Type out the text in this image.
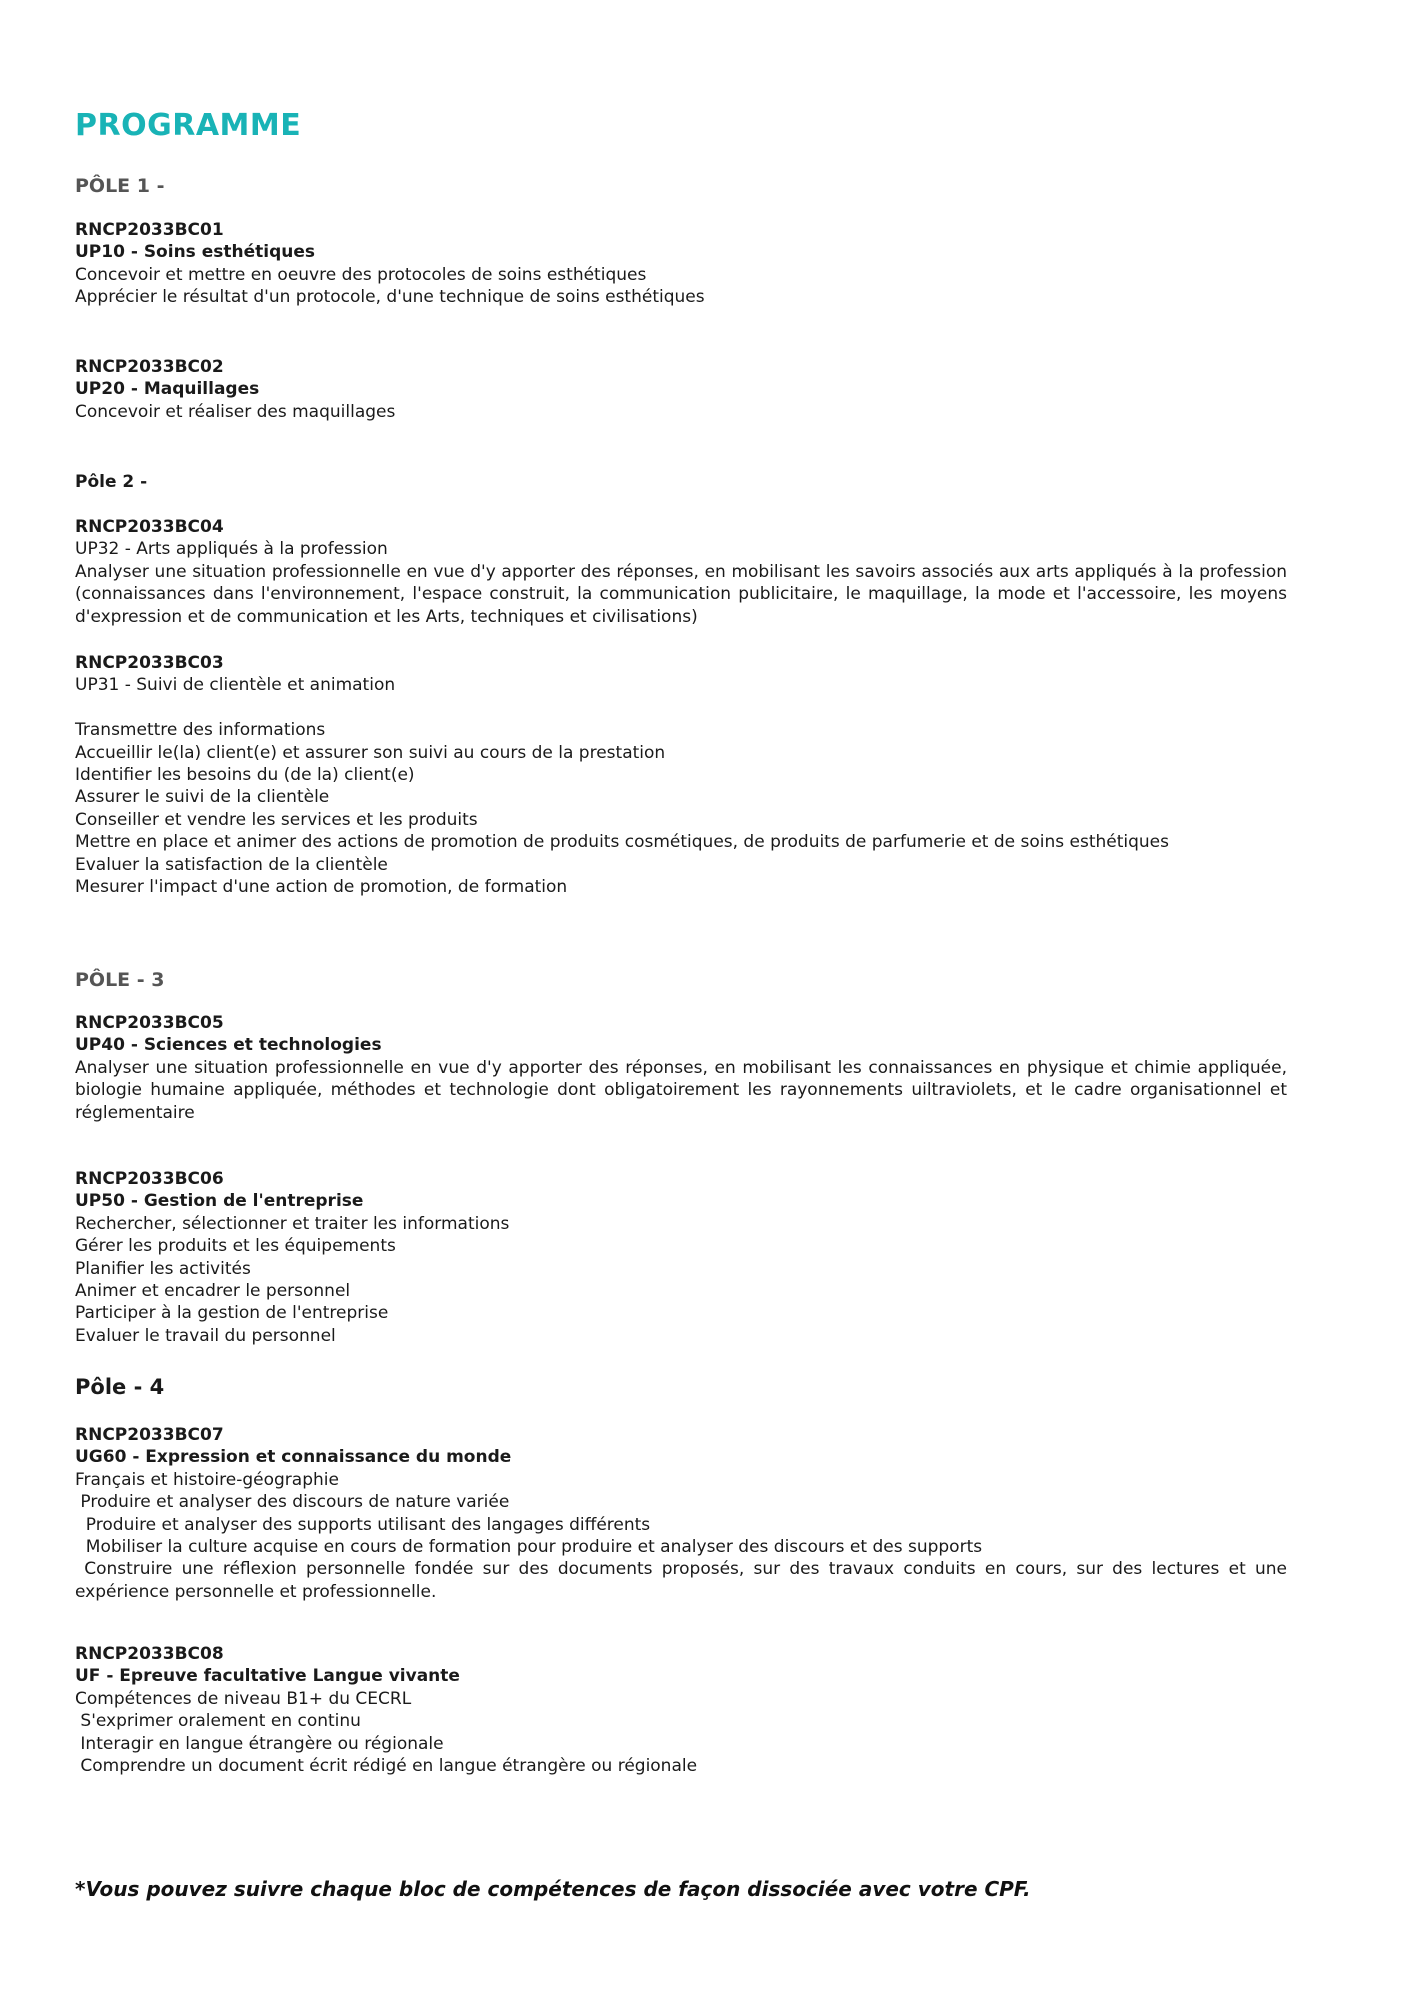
PROGRAMME
PÔLE 1 -
RNCP2033BC01
UP10 - Soins esthétiques
Concevoir et mettre en oeuvre des protocoles de soins esthétiques
Apprécier le résultat d'un protocole, d'une technique de soins esthétiques
RNCP2033BC02
UP20 - Maquillages
Concevoir et réaliser des maquillages
Pôle 2 -
RNCP2033BC04
UP32 - Arts appliqués à la profession
Analyser une situation professionnelle en vue d'y apporter des réponses, en mobilisant les savoirs associés aux arts appliqués à la profession (connaissances dans l'environnement, l'espace construit, la communication publicitaire, le maquillage, la mode et l'accessoire, les moyens d'expression et de communication et les Arts, techniques et civilisations)
RNCP2033BC03
UP31 - Suivi de clientèle et animation
Transmettre des informations
Accueillir le(la) client(e) et assurer son suivi au cours de la prestation
Identifier les besoins du (de la) client(e)
Assurer le suivi de la clientèle
Conseiller et vendre les services et les produits
Mettre en place et animer des actions de promotion de produits cosmétiques, de produits de parfumerie et de soins esthétiques
Evaluer la satisfaction de la clientèle
Mesurer l'impact d'une action de promotion, de formation
PÔLE - 3
RNCP2033BC05
UP40 - Sciences et technologies
Analyser une situation professionnelle en vue d'y apporter des réponses, en mobilisant les connaissances en physique et chimie appliquée, biologie humaine appliquée, méthodes et technologie dont obligatoirement les rayonnements uiltraviolets, et le cadre organisationnel et réglementaire
RNCP2033BC06
UP50 - Gestion de l'entreprise
Rechercher, sélectionner et traiter les informations
Gérer les produits et les équipements
Planifier les activités
Animer et encadrer le personnel
Participer à la gestion de l'entreprise
Evaluer le travail du personnel
Pôle - 4
RNCP2033BC07
UG60 - Expression et connaissance du monde
Français et histoire-géographie
Produire et analyser des discours de nature variée
Produire et analyser des supports utilisant des langages différents
Mobiliser la culture acquise en cours de formation pour produire et analyser des discours et des supports
Construire une réflexion personnelle fondée sur des documents proposés, sur des travaux conduits en cours, sur des lectures et une expérience personnelle et professionnelle.
RNCP2033BC08
UF - Epreuve facultative Langue vivante
Compétences de niveau B1+ du CECRL
S'exprimer oralement en continu
Interagir en langue étrangère ou régionale
Comprendre un document écrit rédigé en langue étrangère ou régionale
*Vous pouvez suivre chaque bloc de compétences de façon dissociée avec votre CPF.
